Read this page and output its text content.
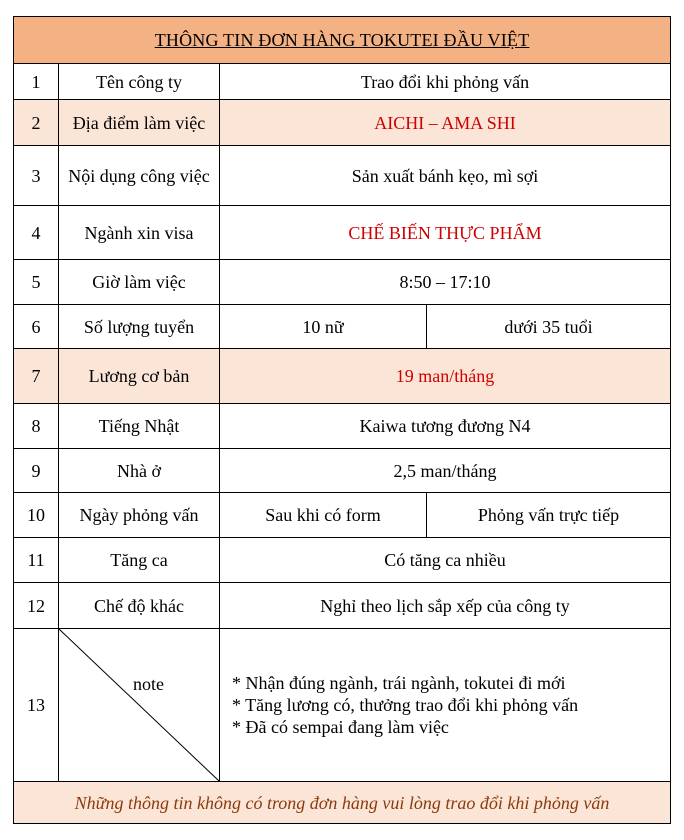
THÔNG TIN ĐƠN HÀNG TOKUTEI ĐẦU VIỆT			
1	Tên công ty	Trao đổi khi phỏng vấn	
2	Địa điểm làm việc	AICHI – AMA SHI	
3	Nội dụng công việc	Sản xuất bánh kẹo, mì sợi	
4	Ngành xin visa	CHẾ BIẾN THỰC PHẨM	
5	Giờ làm việc	8:50 – 17:10	
6	Số lượng tuyển	10 nữ	dưới 35 tuổi
7	Lương cơ bản	19 man/tháng	
8	Tiếng Nhật	Kaiwa tương đương N4	
9	Nhà ở	2,5 man/tháng	
10	Ngày phỏng vấn	Sau khi có form	Phỏng vấn trực tiếp
11	Tăng ca	Có tăng ca nhiều	
12	Chế độ khác	Nghỉ theo lịch sắp xếp của công ty	
13	note	* Nhận đúng ngành, trái ngành, tokutei đi mới
* Tăng lương có, thưởng trao đổi khi phỏng vấn
* Đã có sempai đang làm việc	

Những thông tin không có trong đơn hàng vui lòng trao đổi khi phỏng vấn			
